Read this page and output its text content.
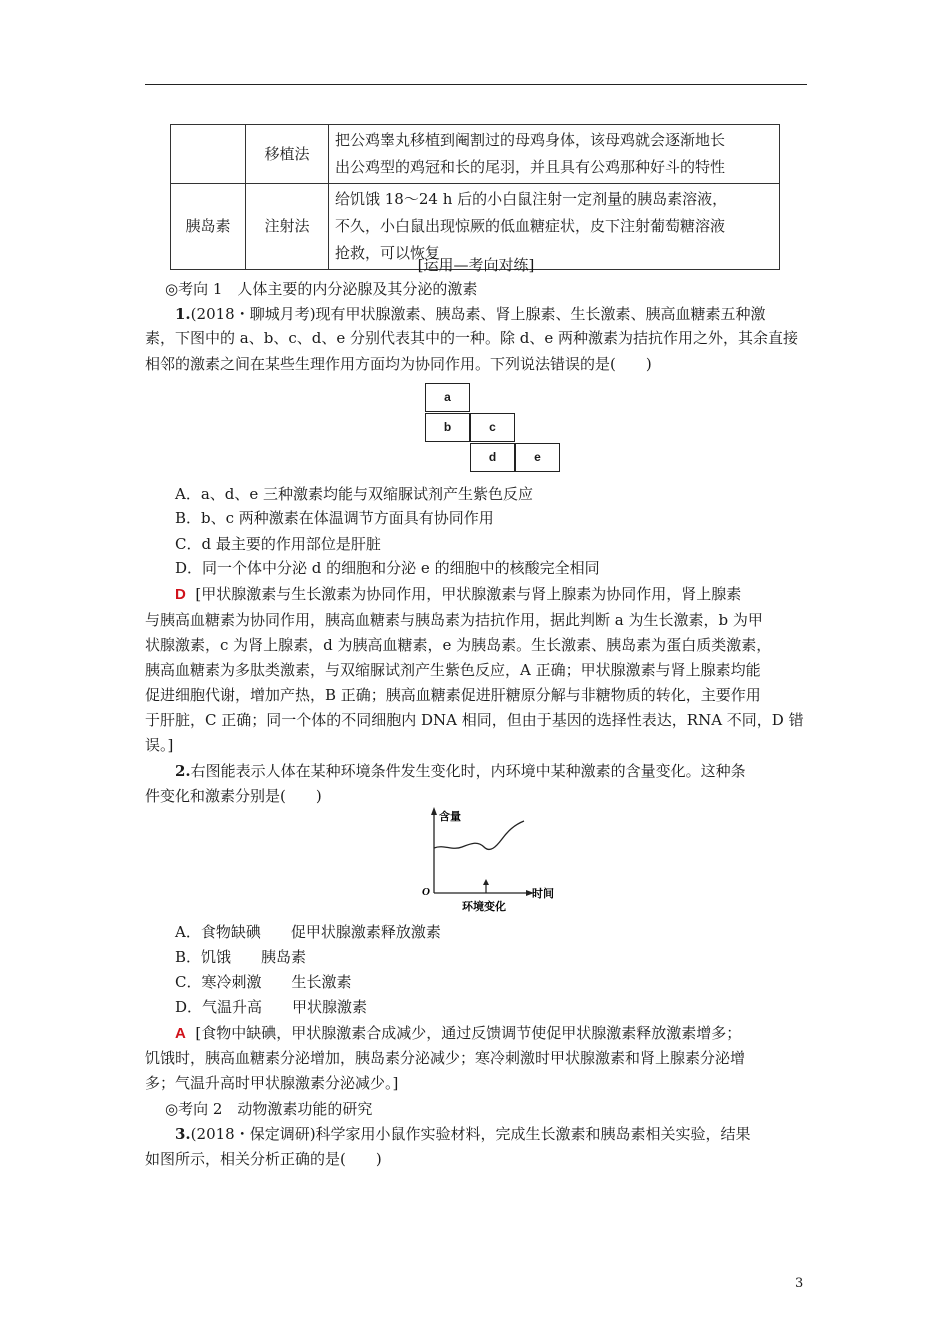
	移植法	把公鸡睾丸移植到阉割过的母鸡身体，该母鸡就会逐渐地长
出公鸡型的鸡冠和长的尾羽，并且具有公鸡那种好斗的特性

胰岛素	注射法	给饥饿 18～24 h 后的小白鼠注射一定剂量的胰岛素溶液，
不久，小白鼠出现惊厥的低血糖症状，皮下注射葡萄糖溶液
抢救，可以恢复
[运用—考向对练]
◎考向 1　人体主要的内分泌腺及其分泌的激素
1.(2018・聊城月考)现有甲状腺激素、胰岛素、肾上腺素、生长激素、胰高血糖素五种激
素，下图中的 a、b、c、d、e 分别代表其中的一种。除 d、e 两种激素为拮抗作用之外，其余直接
相邻的激素之间在某些生理作用方面均为协同作用。下列说法错误的是(　　)
a
b	c
d	e
A．a、d、e 三种激素均能与双缩脲试剂产生紫色反应
B．b、c 两种激素在体温调节方面具有协同作用
C．d 最主要的作用部位是肝脏
D．同一个体中分泌 d 的细胞和分泌 e 的细胞中的核酸完全相同
D [甲状腺激素与生长激素为协同作用，甲状腺激素与肾上腺素为协同作用，肾上腺素
与胰高血糖素为协同作用，胰高血糖素与胰岛素为拮抗作用，据此判断 a 为生长激素，b 为甲
状腺激素，c 为肾上腺素，d 为胰高血糖素，e 为胰岛素。生长激素、胰岛素为蛋白质类激素，
胰高血糖素为多肽类激素，与双缩脲试剂产生紫色反应，A 正确；甲状腺激素与肾上腺素均能
促进细胞代谢，增加产热，B 正确；胰高血糖素促进肝糖原分解与非糖物质的转化，主要作用
于肝脏，C 正确；同一个体的不同细胞内 DNA 相同，但由于基因的选择性表达，RNA 不同，D 错
误。]
2.右图能表示人体在某种环境条件发生变化时，内环境中某种激素的含量变化。这种条
件变化和激素分别是(　　)
含量
O	时间
环境变化
A．食物缺碘　　促甲状腺激素释放激素
B．饥饿　　胰岛素
C．寒冷刺激　　生长激素
D．气温升高　　甲状腺激素
A [食物中缺碘，甲状腺激素合成减少，通过反馈调节使促甲状腺激素释放激素增多；
饥饿时，胰高血糖素分泌增加，胰岛素分泌减少；寒冷刺激时甲状腺激素和肾上腺素分泌增
多；气温升高时甲状腺激素分泌减少。]
◎考向 2　动物激素功能的研究
3.(2018・保定调研)科学家用小鼠作实验材料，完成生长激素和胰岛素相关实验，结果
如图所示，相关分析正确的是(　　)
3
